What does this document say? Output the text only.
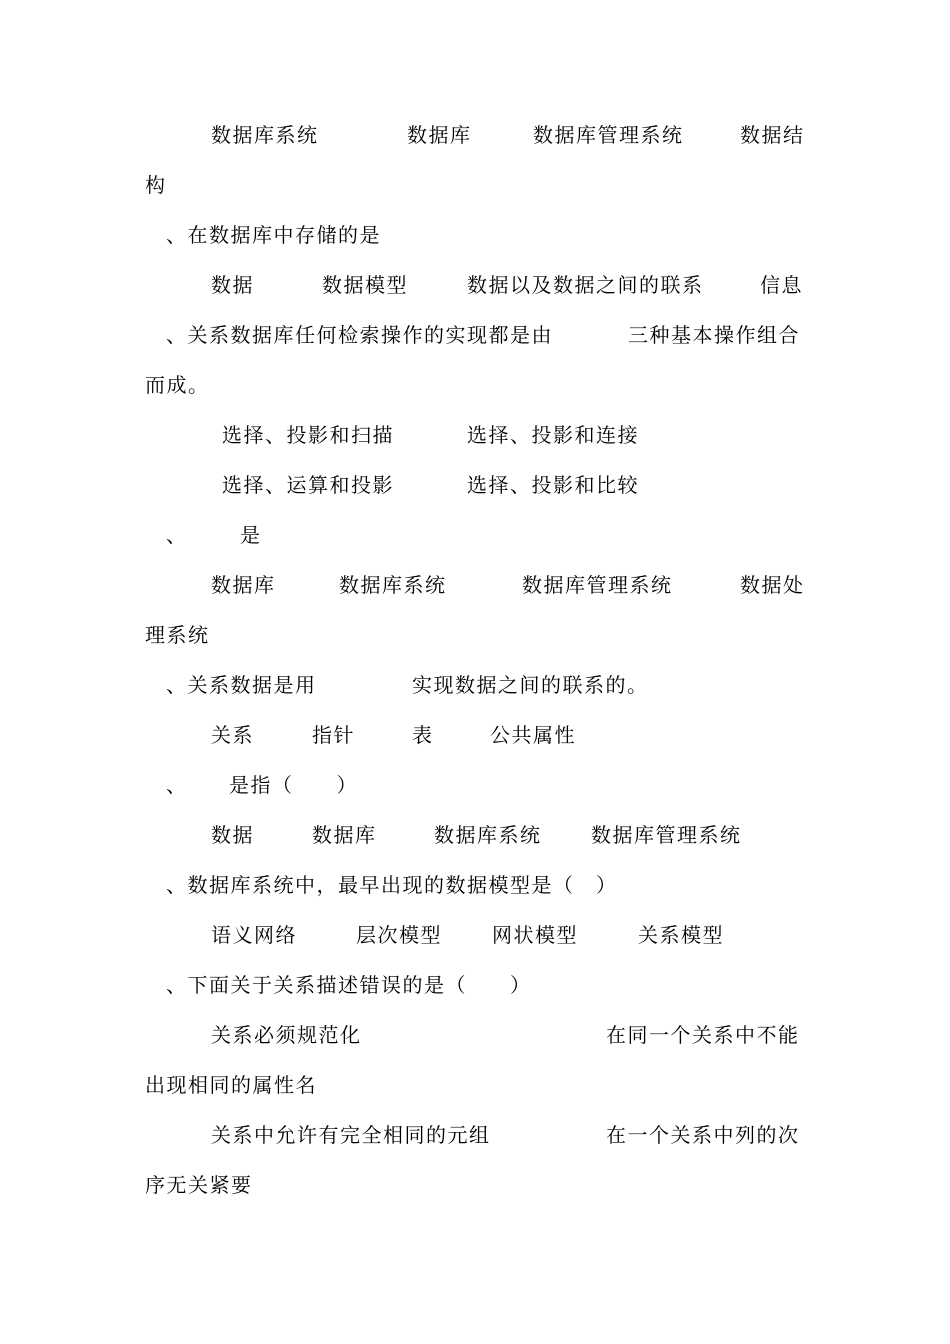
数据库系统	数据库	数据库管理系统	数据结
构
、在数据库中存储的是
数据	数据模型	数据以及数据之间的联系	信息
、关系数据库任何检索操作的实现都是由	三种基本操作组合
而成。
选择、投影和扫描	选择、投影和连接
选择、运算和投影	选择、投影和比较
、	是
数据库	数据库系统	数据库管理系统	数据处
理系统
、关系数据是用	实现数据之间的联系的。
关系	指针	表	公共属性
、 是指（　　）
数据	数据库	数据库系统 数据库管理系统
、数据库系统中，最早出现的数据模型是（　）
语义网络	层次模型	网状模型	关系模型
、下面关于关系描述错误的是（　　）
关系必须规范化	在同一个关系中不能
出现相同的属性名
关系中允许有完全相同的元组	在一个关系中列的次
序无关紧要
